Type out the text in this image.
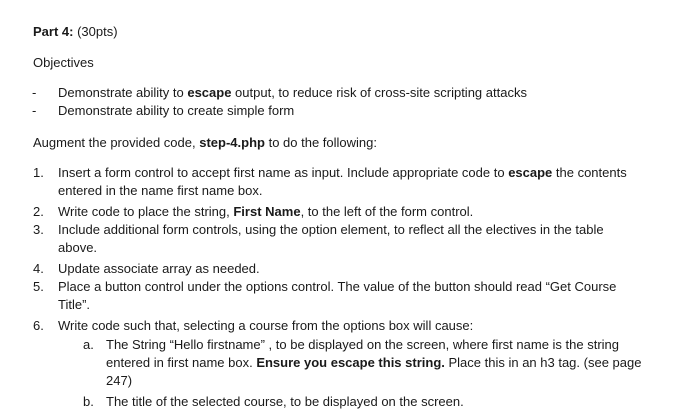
Part 4: (30pts)
Objectives
- Demonstrate ability to escape output, to reduce risk of cross-site scripting attacks
- Demonstrate ability to create simple form
Augment the provided code, step-4.php to do the following:
1. Insert a form control to accept first name as input. Include appropriate code to escape the contents
entered in the name first name box.
2. Write code to place the string, First Name, to the left of the form control.
3. Include additional form controls, using the option element, to reflect all the electives in the table
above.
4. Update associate array as needed.
5. Place a button control under the options control. The value of the button should read “Get Course
Title”.
6. Write code such that, selecting a course from the options box will cause:
a. The String “Hello firstname” , to be displayed on the screen, where first name is the string
entered in first name box. Ensure you escape this string. Place this in an h3 tag. (see page
247)
b. The title of the selected course, to be displayed on the screen.
